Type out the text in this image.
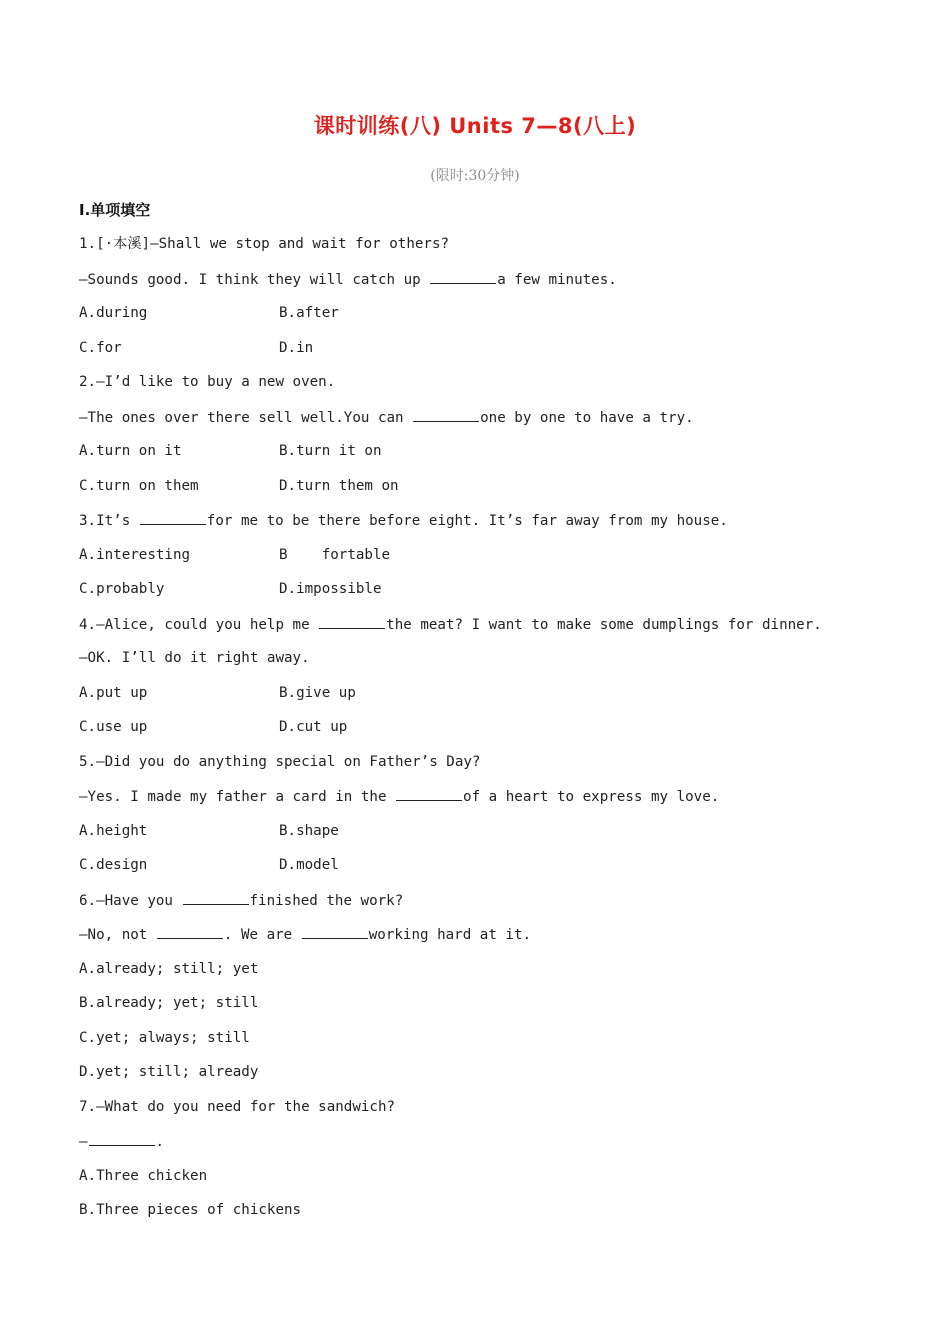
课时训练(八) Units 7—8(八上)
(限时:30分钟)
Ⅰ.单项填空
1.[·本溪]—Shall we stop and wait for others?
—Sounds good. I think they will catch up	a few minutes.
A.during	B.after
C.for	D.in
2.—I’d like to buy a new oven.
—The ones over there sell well.You can	one by one to have a try.
A.turn on it	B.turn it on
C.turn on them	D.turn them on
3.It’s	for me to be there before eight. It’s far away from my house.
A.interesting	B    fortable
C.probably	D.impossible
4.—Alice, could you help me	the meat? I want to make some dumplings for dinner.
—OK. I’ll do it right away.
A.put up	B.give up
C.use up	D.cut up
5.—Did you do anything special on Father’s Day?
—Yes. I made my father a card in the	of a heart to express my love.
A.height	B.shape
C.design	D.model
6.—Have you	finished the work?
—No, not	. We are	working hard at it.
A.already; still; yet
B.already; yet; still
C.yet; always; still
D.yet; still; already
7.—What do you need for the sandwich?
—	.
A.Three chicken
B.Three pieces of chickens
